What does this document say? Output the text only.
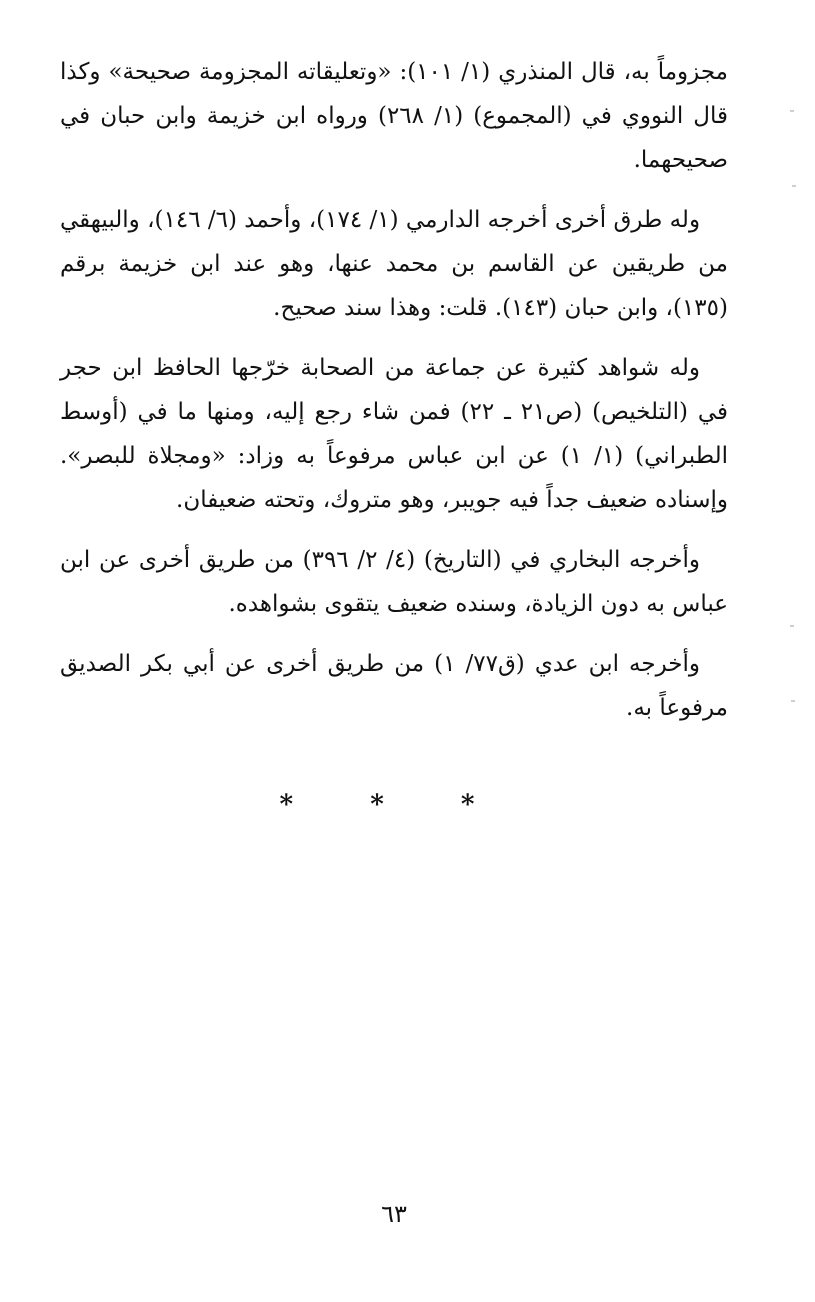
مجزوماً به، قال المنذري (١/ ١٠١): «وتعليقاته المجزومة صحيحة» وكذا قال النووي في (المجموع) (١/ ٢٦٨) ورواه ابن خزيمة وابن حبان في صحيحهما.

وله طرق أخرى أخرجه الدارمي (١/ ١٧٤)، وأحمد (٦/ ١٤٦)، والبيهقي من طريقين عن القاسم بن محمد عنها، وهو عند ابن خزيمة برقم (١٣٥)، وابن حبان (١٤٣). قلت: وهذا سند صحيح.

وله شواهد كثيرة عن جماعة من الصحابة خرّجها الحافظ ابن حجر في (التلخيص) (ص٢١ ـ ٢٢) فمن شاء رجع إليه، ومنها ما في (أوسط الطبراني) (١/ ١) عن ابن عباس مرفوعاً به وزاد: «ومجلاة للبصر». وإسناده ضعيف جداً فيه جويبر، وهو متروك، وتحته ضعيفان.

وأخرجه البخاري في (التاريخ) (٤/ ٢/ ٣٩٦) من طريق أخرى عن ابن عباس به دون الزيادة، وسنده ضعيف يتقوى بشواهده.

وأخرجه ابن عدي (ق٧٧/ ١) من طريق أخرى عن أبي بكر الصديق مرفوعاً به.

* * *
٦٣
